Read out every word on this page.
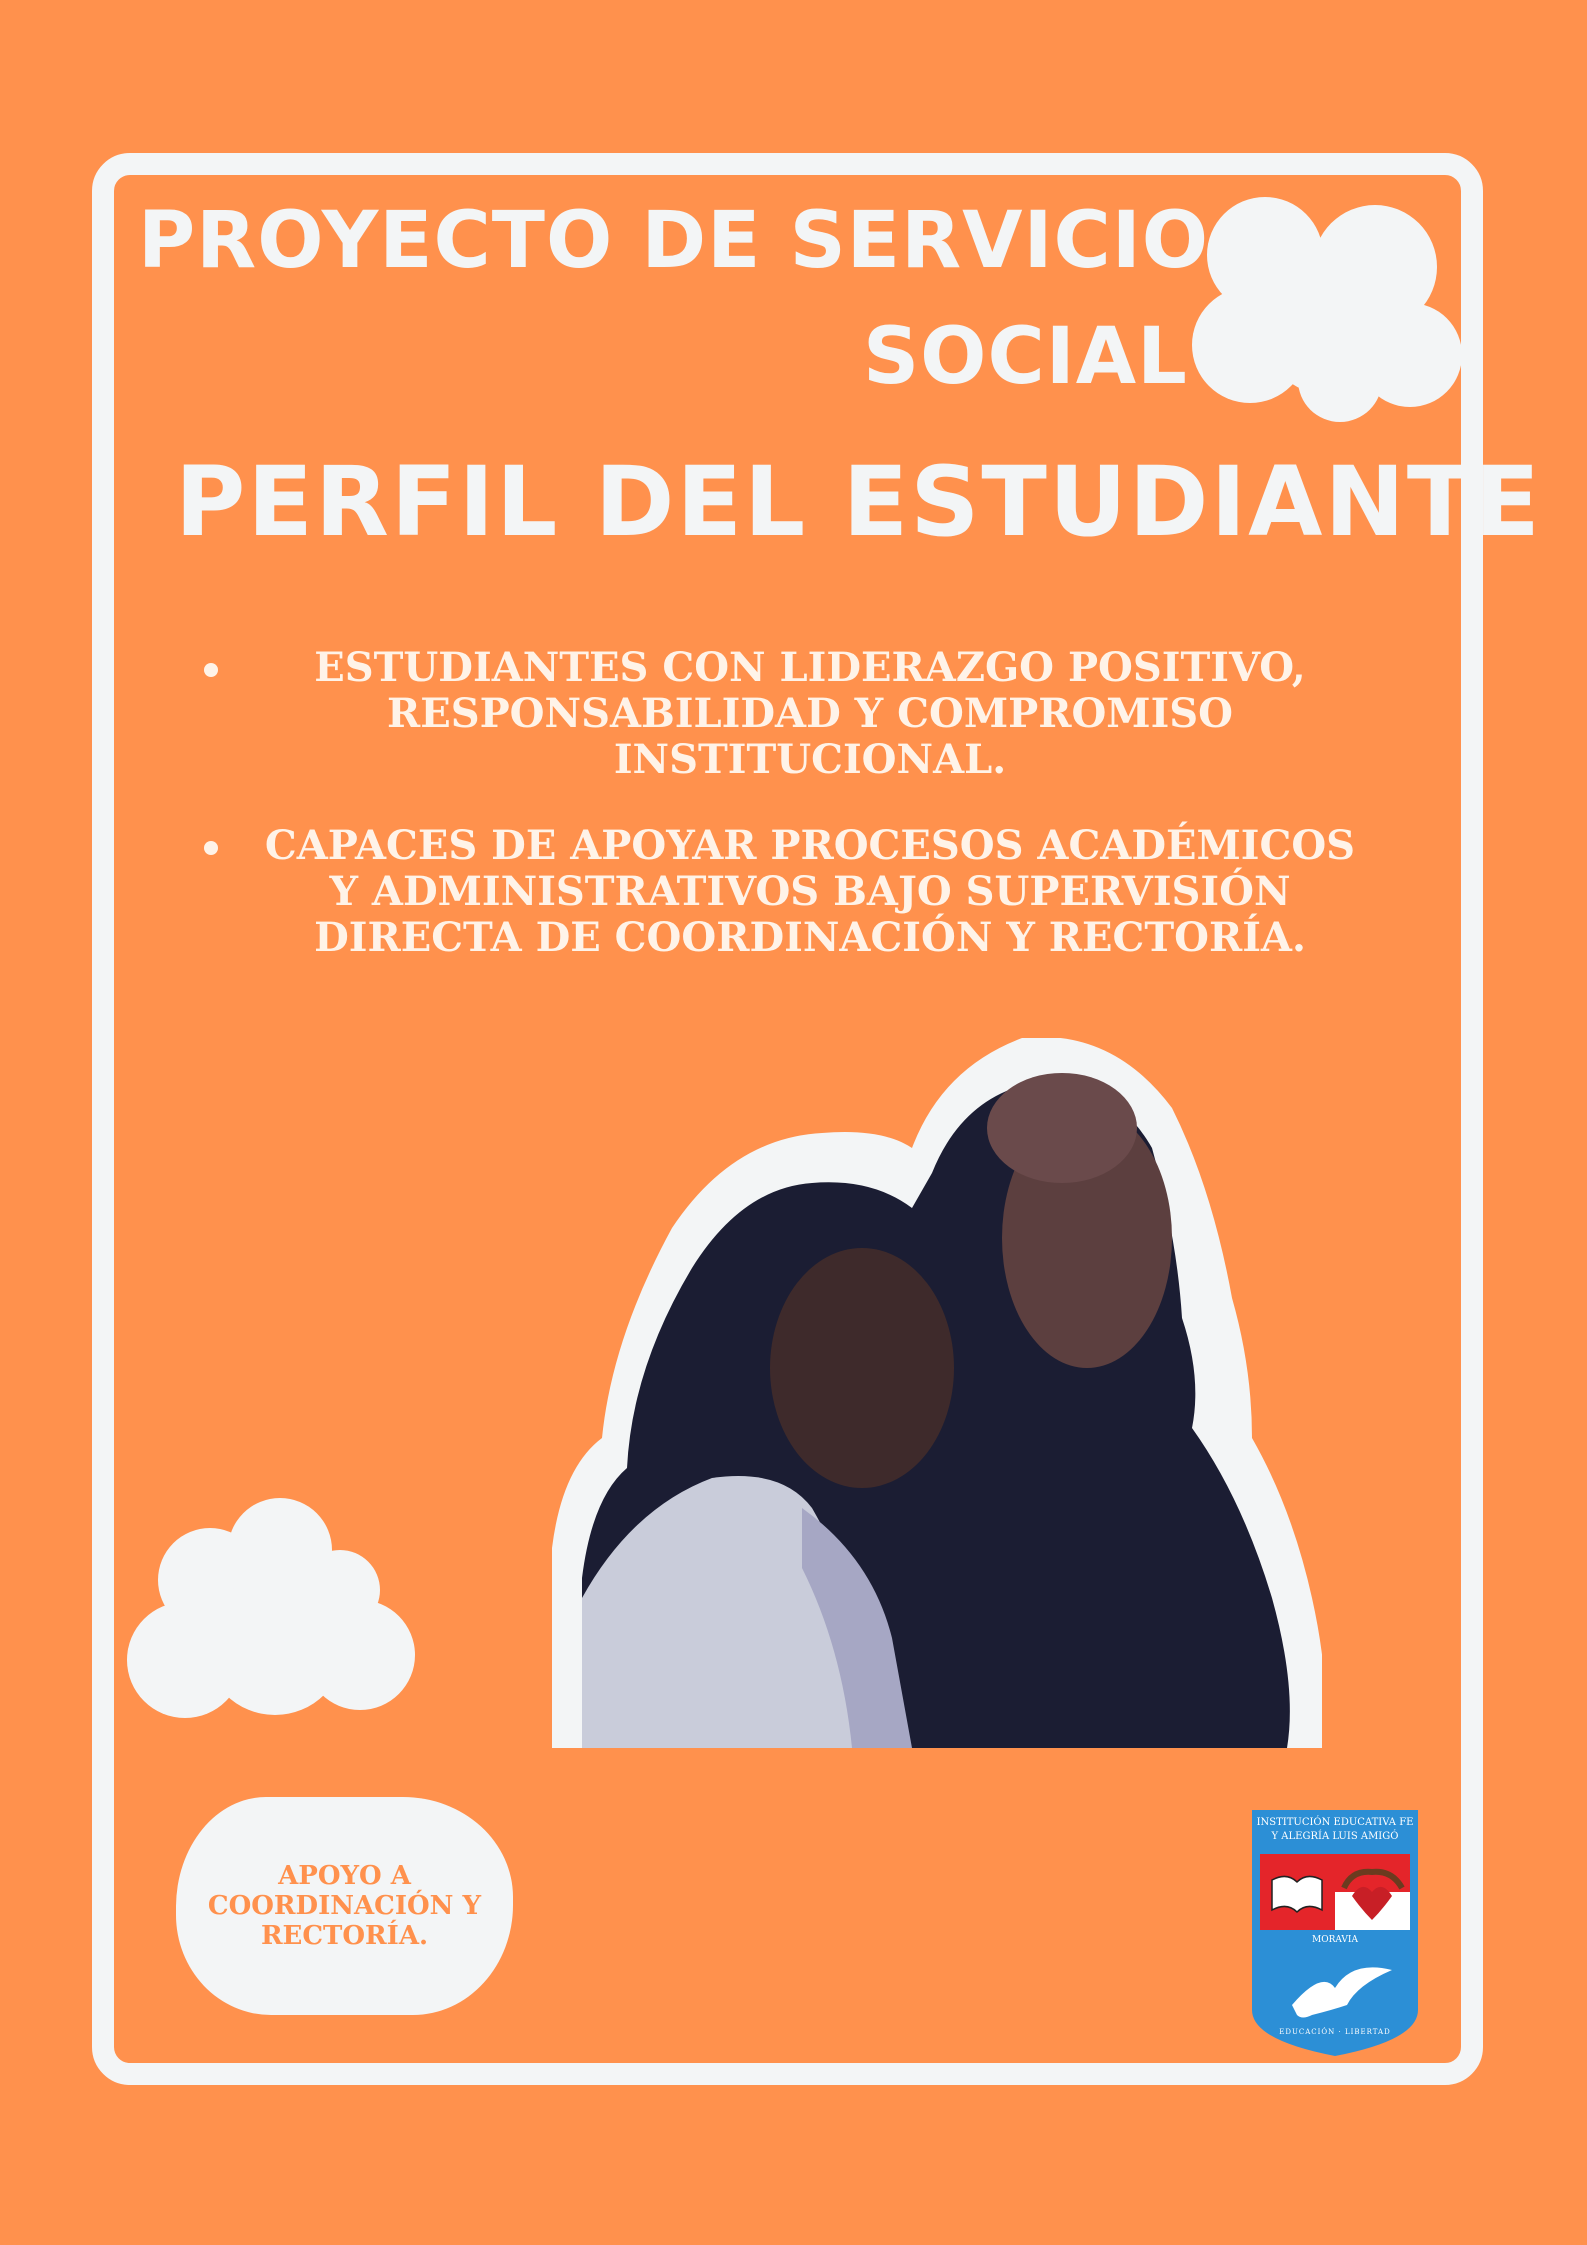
PROYECTO DE SERVICIO
SOCIAL
PERFIL DEL ESTUDIANTE
ESTUDIANTES CON LIDERAZGO POSITIVO, RESPONSABILIDAD Y COMPROMISO INSTITUCIONAL.
CAPACES DE APOYAR PROCESOS ACADÉMICOS Y ADMINISTRATIVOS BAJO SUPERVISIÓN DIRECTA DE COORDINACIÓN Y RECTORÍA.
APOYO A COORDINACIÓN Y RECTORÍA.
INSTITUCIÓN EDUCATIVA FE Y ALEGRÍA LUIS AMIGÓ
MORAVIA
EDUCACIÓN · LIBERTAD
